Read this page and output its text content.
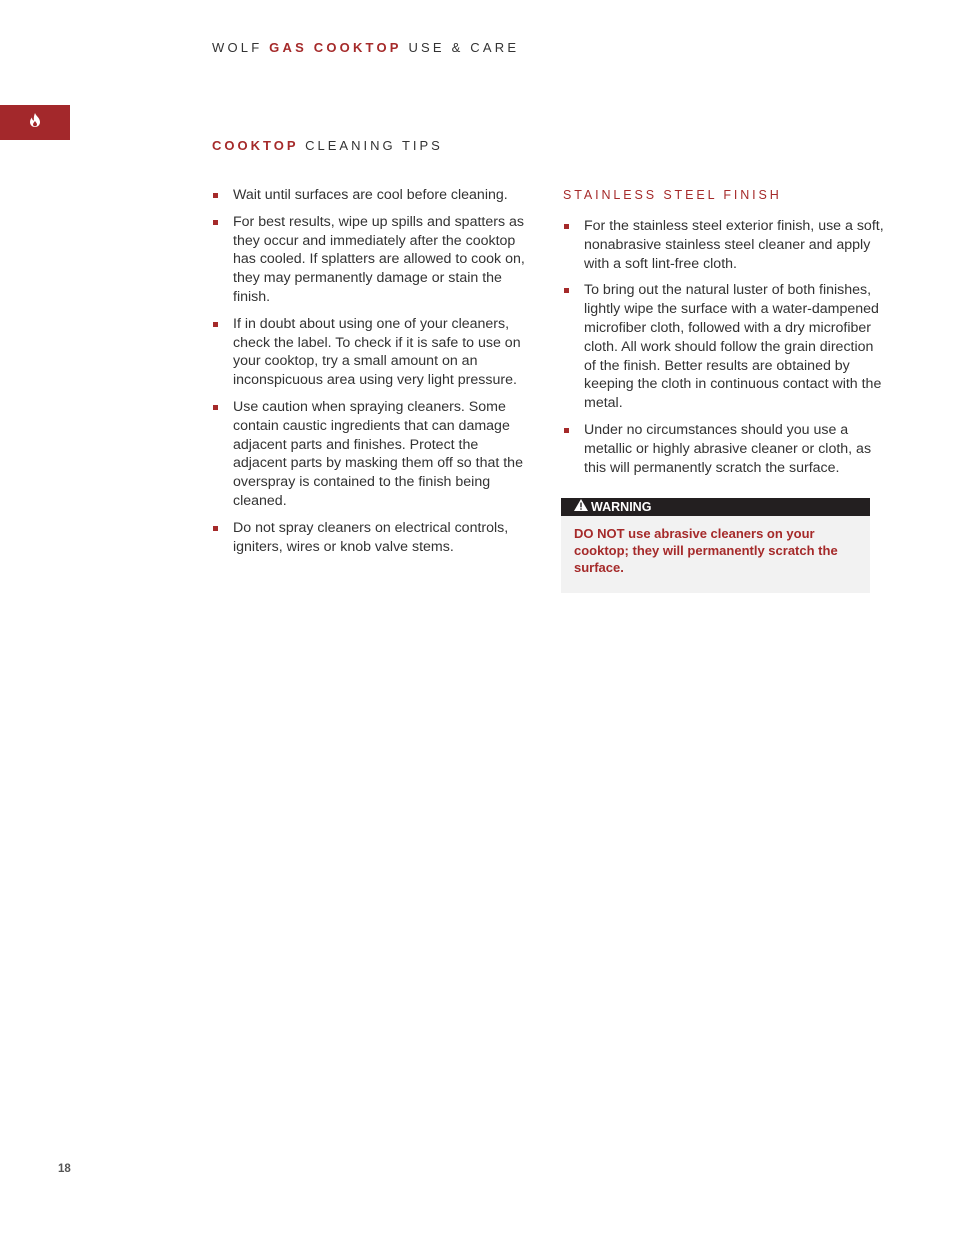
WOLF GAS COOKTOP USE & CARE
COOKTOP CLEANING TIPS
Wait until surfaces are cool before cleaning.
For best results, wipe up spills and spatters as they occur and immediately after the cooktop has cooled. If splatters are allowed to cook on, they may permanently damage or stain the finish.
If in doubt about using one of your cleaners, check the label. To check if it is safe to use on your cooktop, try a small amount on an inconspicuous area using very light pressure.
Use caution when spraying cleaners. Some contain caustic ingredients that can damage adjacent parts and finishes. Protect the adjacent parts by masking them off so that the overspray is contained to the finish being cleaned.
Do not spray cleaners on electrical controls, igniters, wires or knob valve stems.
STAINLESS STEEL FINISH
For the stainless steel exterior finish, use a soft, nonabrasive stainless steel cleaner and apply with a soft lint-free cloth.
To bring out the natural luster of both finishes, lightly wipe the surface with a water-dampened microfiber cloth, followed with a dry microfiber cloth. All work should follow the grain direction of the finish. Better results are obtained by keeping the cloth in continuous contact with the metal.
Under no circumstances should you use a metallic or highly abrasive cleaner or cloth, as this will permanently scratch the surface.
WARNING
DO NOT use abrasive cleaners on your cooktop; they will permanently scratch the surface.
18
